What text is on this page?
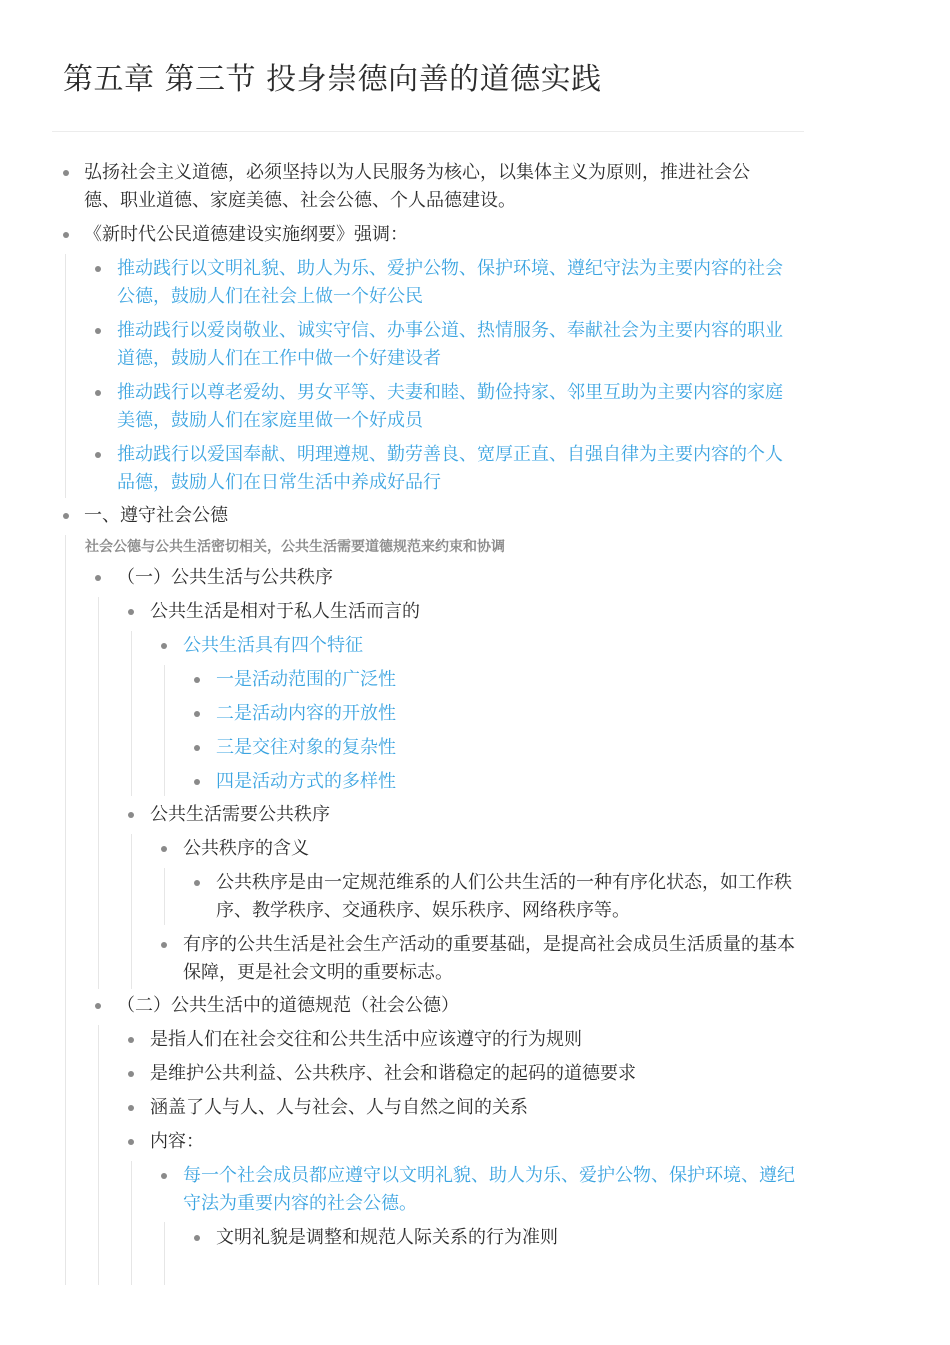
第五章 第三节 投身崇德向善的道德实践
弘扬社会主义道德，必须坚持以为人民服务为核心，以集体主义为原则，推进社会公德、职业道德、家庭美德、社会公德、个人品德建设。
《新时代公民道德建设实施纲要》强调：
推动践行以文明礼貌、助人为乐、爱护公物、保护环境、遵纪守法为主要内容的社会公德，鼓励人们在社会上做一个好公民
推动践行以爱岗敬业、诚实守信、办事公道、热情服务、奉献社会为主要内容的职业道德，鼓励人们在工作中做一个好建设者
推动践行以尊老爱幼、男女平等、夫妻和睦、勤俭持家、邻里互助为主要内容的家庭美德，鼓励人们在家庭里做一个好成员
推动践行以爱国奉献、明理遵规、勤劳善良、宽厚正直、自强自律为主要内容的个人品德，鼓励人们在日常生活中养成好品行
一、遵守社会公德
社会公德与公共生活密切相关，公共生活需要道德规范来约束和协调
（一）公共生活与公共秩序
公共生活是相对于私人生活而言的
公共生活具有四个特征
一是活动范围的广泛性
二是活动内容的开放性
三是交往对象的复杂性
四是活动方式的多样性
公共生活需要公共秩序
公共秩序的含义
公共秩序是由一定规范维系的人们公共生活的一种有序化状态，如工作秩序、教学秩序、交通秩序、娱乐秩序、网络秩序等。
有序的公共生活是社会生产活动的重要基础，是提高社会成员生活质量的基本保障，更是社会文明的重要标志。
（二）公共生活中的道德规范（社会公德）
是指人们在社会交往和公共生活中应该遵守的行为规则
是维护公共利益、公共秩序、社会和谐稳定的起码的道德要求
涵盖了人与人、人与社会、人与自然之间的关系
内容：
每一个社会成员都应遵守以文明礼貌、助人为乐、爱护公物、保护环境、遵纪守法为重要内容的社会公德。
文明礼貌是调整和规范人际关系的行为准则
